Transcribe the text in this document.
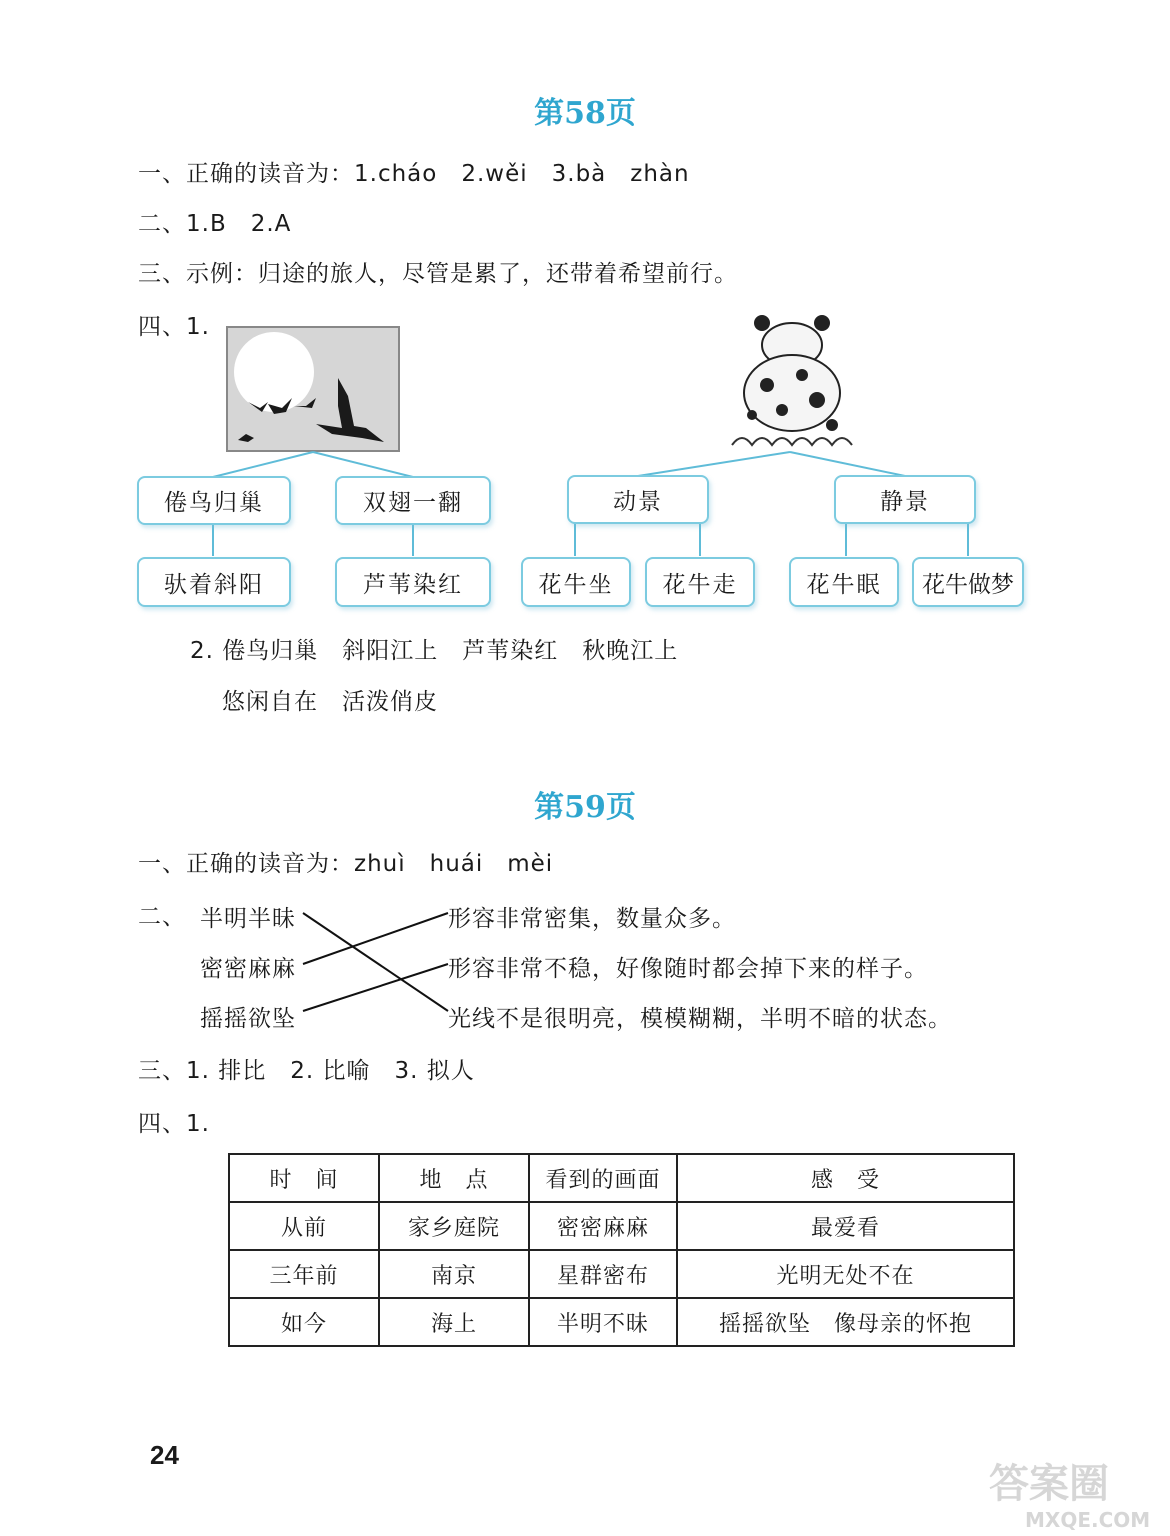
第58页
一、正确的读音为：1.cháo　2.wěi　3.bà　zhàn
二、1.B　2.A
三、示例：归途的旅人，尽管是累了，还带着希望前行。
四、1.
倦鸟归巢	双翅一翻
驮着斜阳	芦苇染红
动景	静景
花牛坐	花牛走	花牛眠	花牛做梦
2. 倦鸟归巢　斜阳江上　芦苇染红　秋晚江上
悠闲自在　活泼俏皮
第59页
一、正确的读音为：zhuì　huái　mèi
二、 半明半昧
密密麻麻
摇摇欲坠
形容非常密集，数量众多。
形容非常不稳，好像随时都会掉下来的样子。
光线不是很明亮，模模糊糊，半明不暗的状态。
三、1. 排比　2. 比喻　3. 拟人
四、1.
时　间	地　点	看到的画面	感　受
从前	家乡庭院	密密麻麻	最爱看
三年前	南京	星群密布	光明无处不在
如今	海上	半明不昧	摇摇欲坠　像母亲的怀抱
24
答案圈
MXQE.COM
